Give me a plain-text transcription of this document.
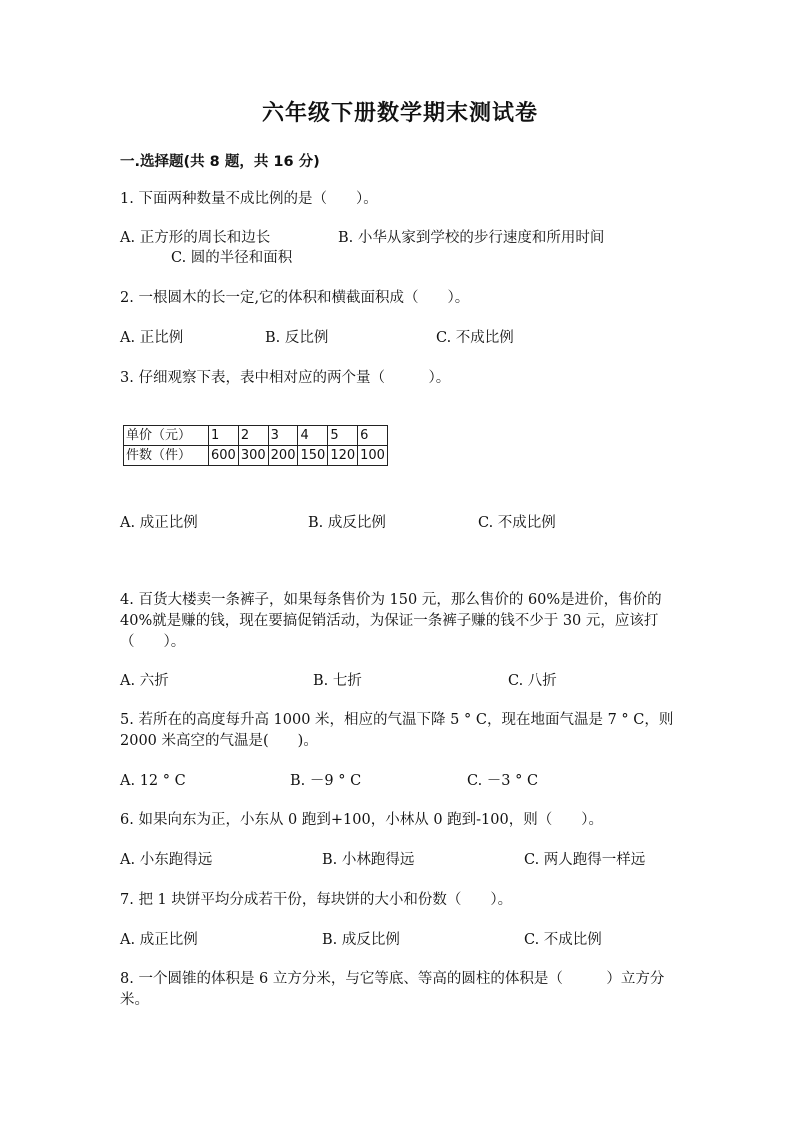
六年级下册数学期末测试卷
一.选择题(共 8 题，共 16 分)
1. 下面两种数量不成比例的是（　　）。
A. 正方形的周长和边长	B. 小华从家到学校的步行速度和所用时间
C. 圆的半径和面积
2. 一根圆木的长一定,它的体积和横截面积成（　　）。
A. 正比例	B. 反比例	C. 不成比例
3. 仔细观察下表，表中相对应的两个量（　　　）。
单价（元）	1	2	3	4	5	6
件数（件）	600	300	200	150	120	100
A. 成正比例	B. 成反比例	C. 不成比例
4. 百货大楼卖一条裤子，如果每条售价为 150 元，那么售价的 60%是进价，售价的 40%就是赚的钱，现在要搞促销活动，为保证一条裤子赚的钱不少于 30 元，应该打（　　）。
A. 六折	B. 七折	C. 八折
5. 若所在的高度每升高 1000 米，相应的气温下降 5 ° C，现在地面气温是 7 ° C，则 2000 米高空的气温是(　　)。
A. 12 ° C	B. －9 ° C	C. －3 ° C
6. 如果向东为正，小东从 0 跑到+100，小林从 0 跑到-100，则（　　）。
A. 小东跑得远	B. 小林跑得远	C. 两人跑得一样远
7. 把 1 块饼平均分成若干份，每块饼的大小和份数（　　）。
A. 成正比例	B. 成反比例	C. 不成比例
8. 一个圆锥的体积是 6 立方分米，与它等底、等高的圆柱的体积是（　　　）立方分米。
